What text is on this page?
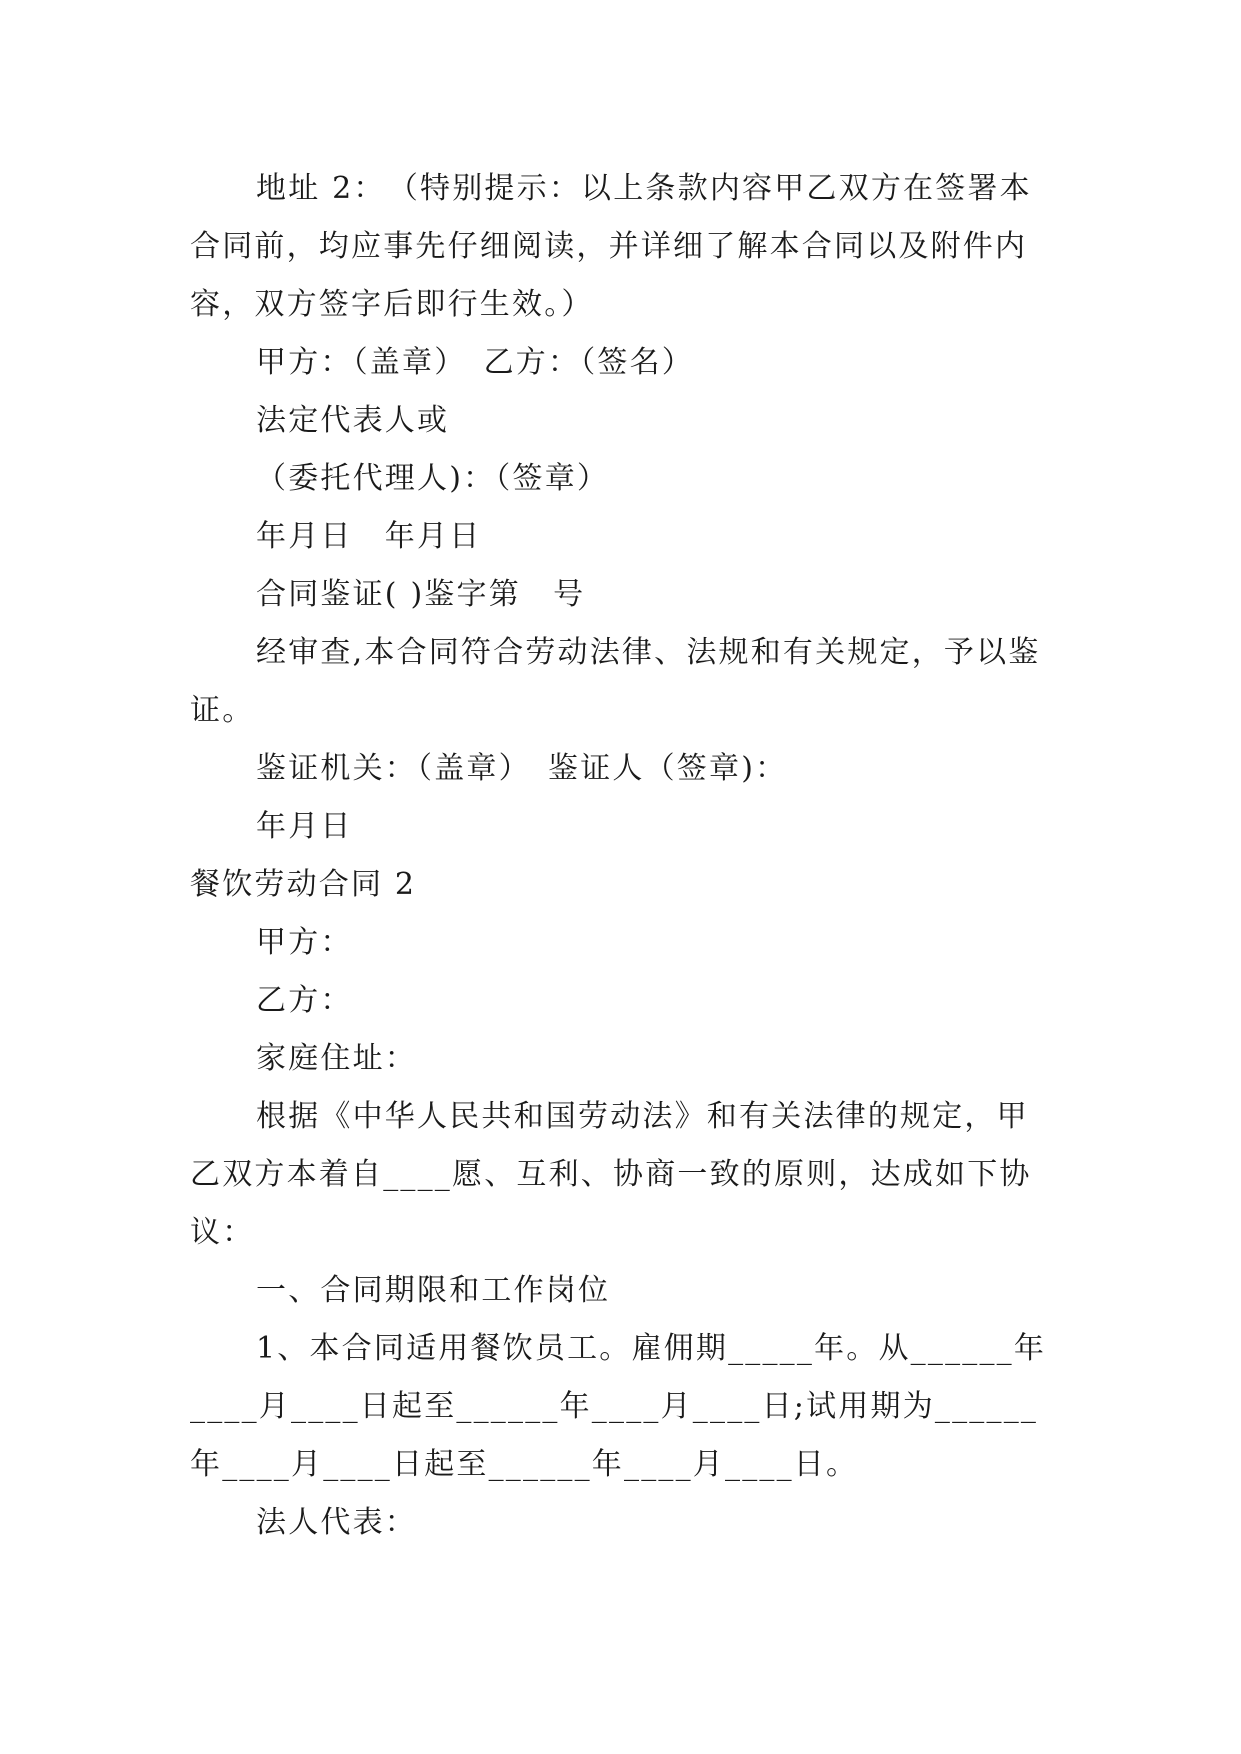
地址 2：　（特别提示：以上条款内容甲乙双方在签署本合同前，均应事先仔细阅读，并详细了解本合同以及附件内容，双方签字后即行生效。）

甲方：（盖章）　乙方：（签名）

法定代表人或

（委托代理人)：（签章）

年月日　年月日

合同鉴证( )鉴字第　号

经审查,本合同符合劳动法律、法规和有关规定，予以鉴证。

鉴证机关：（盖章）　鉴证人（签章)：

年月日

餐饮劳动合同 2

甲方：

乙方：

家庭住址：

根据《中华人民共和国劳动法》和有关法律的规定，甲乙双方本着自____愿、互利、协商一致的原则，达成如下协议：

一、合同期限和工作岗位

1、本合同适用餐饮员工。雇佣期_____年。从______年____月____日起至______年____月____日;试用期为______年____月____日起至______年____月____日。

法人代表：
